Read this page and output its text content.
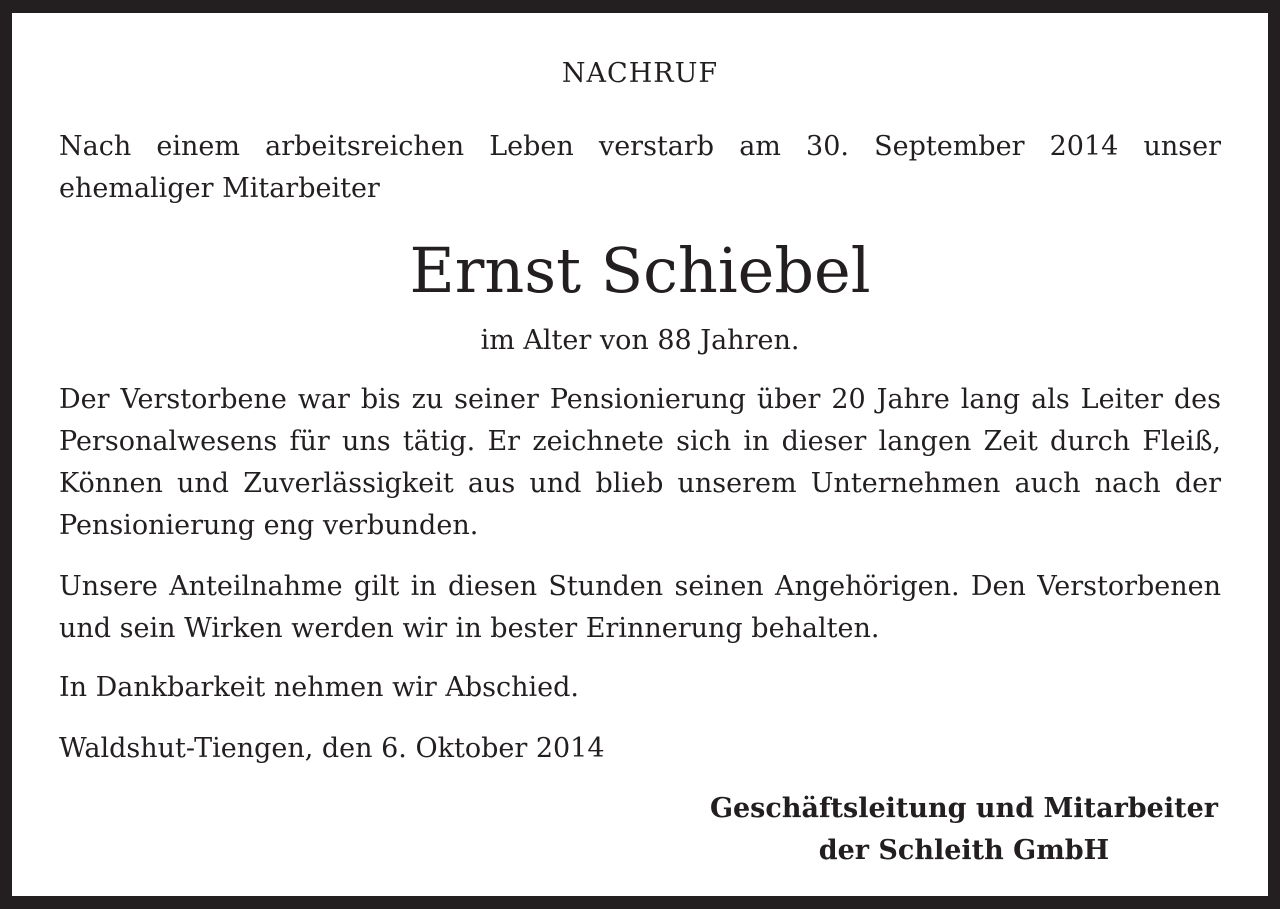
NACHRUF
Nach einem arbeitsreichen Leben verstarb am 30. September 2014 unser ehemaliger Mitarbeiter
Ernst Schiebel
im Alter von 88 Jahren.
Der Verstorbene war bis zu seiner Pensionierung über 20 Jahre lang als Leiter des Personalwesens für uns tätig. Er zeichnete sich in dieser langen Zeit durch Fleiß, Können und Zuverlässigkeit aus und blieb unserem Unternehmen auch nach der Pensionierung eng verbunden.
Unsere Anteilnahme gilt in diesen Stunden seinen Angehörigen. Den Verstorbenen und sein Wirken werden wir in bester Erinnerung behalten.
In Dankbarkeit nehmen wir Abschied.
Waldshut-Tiengen, den 6. Oktober 2014
Geschäftsleitung und Mitarbeiter
der Schleith GmbH
